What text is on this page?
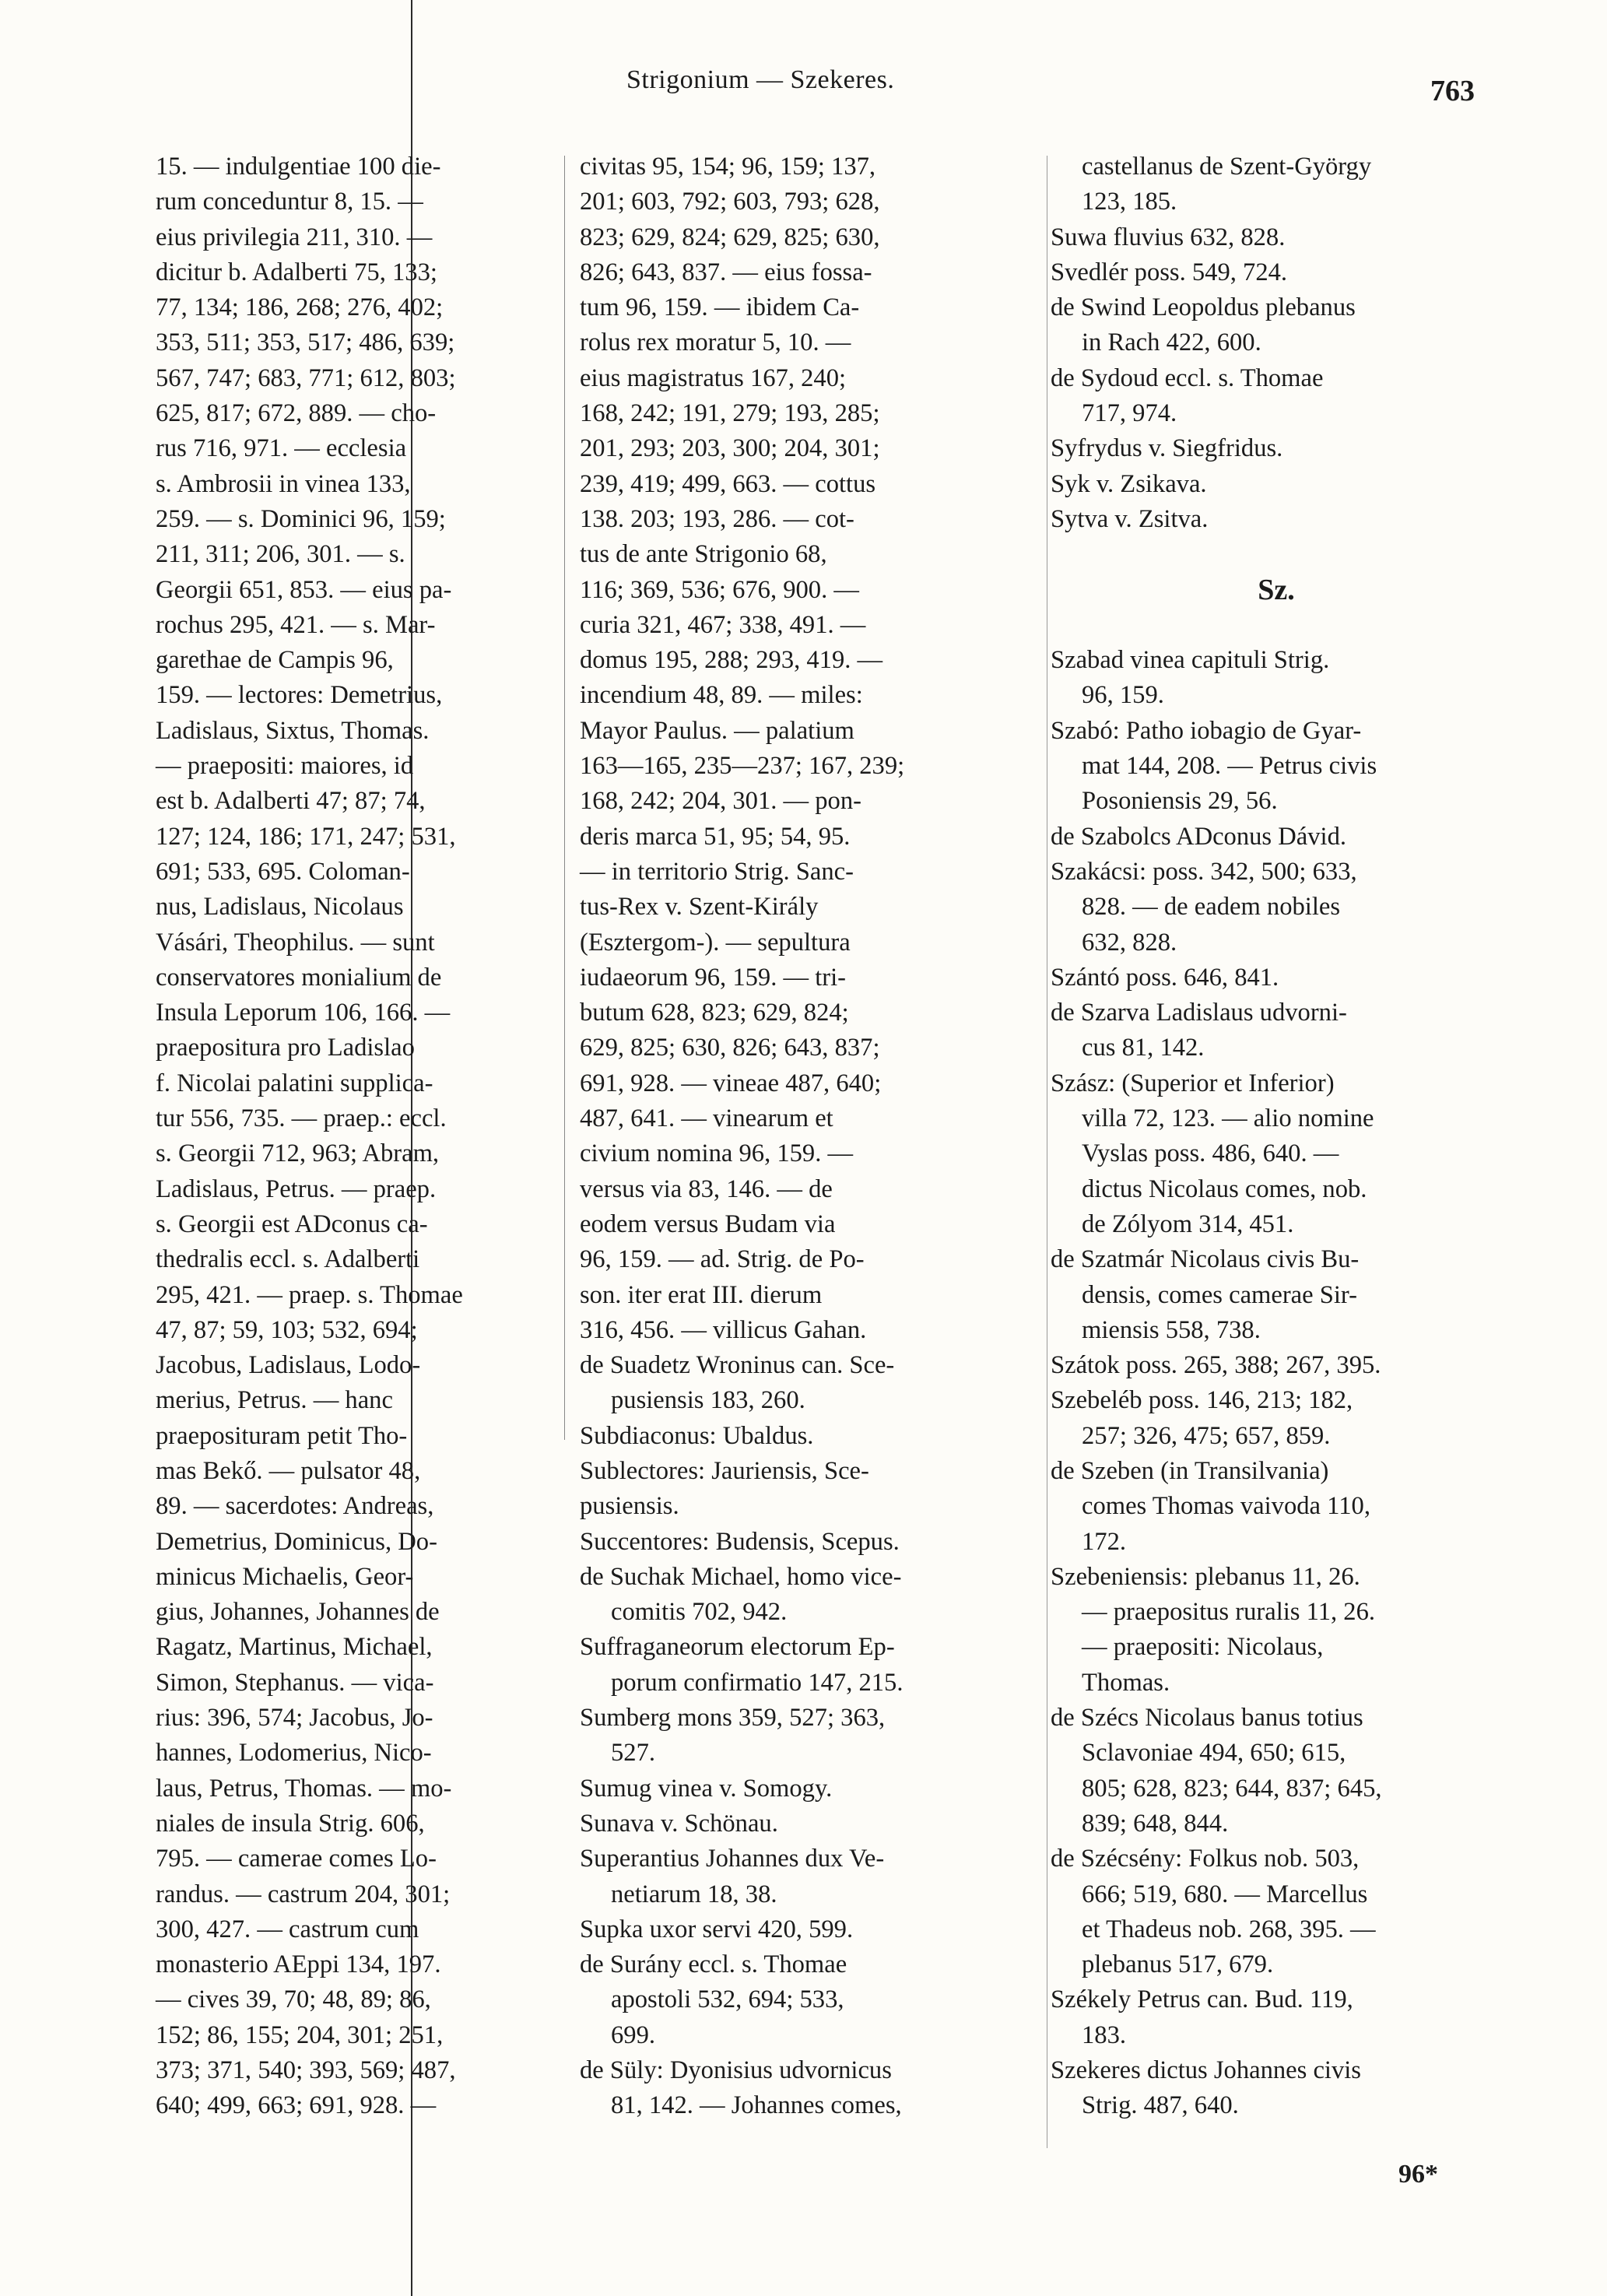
Strigonium — Szekeres.	763
15. — indulgentiae 100 die-
rum conceduntur 8, 15. —
eius privilegia 211, 310. —
dicitur b. Adalberti 75, 133;
77, 134; 186, 268; 276, 402;
353, 511; 353, 517; 486, 639;
567, 747; 683, 771; 612, 803;
625, 817; 672, 889. — cho-
rus 716, 971. — ecclesia
s. Ambrosii in vinea 133,
259. — s. Dominici 96, 159;
211, 311; 206, 301. — s.
Georgii 651, 853. — eius pa-
rochus 295, 421. — s. Mar-
garethae de Campis 96,
159. — lectores: Demetrius,
Ladislaus, Sixtus, Thomas.
— praepositi: maiores, id
est b. Adalberti 47; 87; 74,
127; 124, 186; 171, 247; 531,
691; 533, 695. Coloman-
nus, Ladislaus, Nicolaus
Vásári, Theophilus. — sunt
conservatores monialium de
Insula Leporum 106, 166. —
praepositura pro Ladislao
f. Nicolai palatini supplica-
tur 556, 735. — praep.: eccl.
s. Georgii 712, 963; Abram,
Ladislaus, Petrus. — praep.
s. Georgii est ADconus ca-
thedralis eccl. s. Adalberti
295, 421. — praep. s. Thomae
47, 87; 59, 103; 532, 694;
Jacobus, Ladislaus, Lodo-
merius, Petrus. — hanc
praeposituram petit Tho-
mas Bekő. — pulsator 48,
89. — sacerdotes: Andreas,
Demetrius, Dominicus, Do-
minicus Michaelis, Geor-
gius, Johannes, Johannes de
Ragatz, Martinus, Michael,
Simon, Stephanus. — vica-
rius: 396, 574; Jacobus, Jo-
hannes, Lodomerius, Nico-
laus, Petrus, Thomas. — mo-
niales de insula Strig. 606,
795. — camerae comes Lo-
randus. — castrum 204, 301;
300, 427. — castrum cum
monasterio AEppi 134, 197.
— cives 39, 70; 48, 89; 86,
152; 86, 155; 204, 301; 251,
373; 371, 540; 393, 569; 487,
640; 499, 663; 691, 928. —
civitas 95, 154; 96, 159; 137,
201; 603, 792; 603, 793; 628,
823; 629, 824; 629, 825; 630,
826; 643, 837. — eius fossa-
tum 96, 159. — ibidem Ca-
rolus rex moratur 5, 10. —
eius magistratus 167, 240;
168, 242; 191, 279; 193, 285;
201, 293; 203, 300; 204, 301;
239, 419; 499, 663. — cottus
138. 203; 193, 286. — cot-
tus de ante Strigonio 68,
116; 369, 536; 676, 900. —
curia 321, 467; 338, 491. —
domus 195, 288; 293, 419. —
incendium 48, 89. — miles:
Mayor Paulus. — palatium
163—165, 235—237; 167, 239;
168, 242; 204, 301. — pon-
deris marca 51, 95; 54, 95.
— in territorio Strig. Sanc-
tus-Rex v. Szent-Király
(Esztergom-). — sepultura
iudaeorum 96, 159. — tri-
butum 628, 823; 629, 824;
629, 825; 630, 826; 643, 837;
691, 928. — vineae 487, 640;
487, 641. — vinearum et
civium nomina 96, 159. —
versus via 83, 146. — de
eodem versus Budam via
96, 159. — ad. Strig. de Po-
son. iter erat III. dierum
316, 456. — villicus Gahan.
de Suadetz Wroninus can. Sce-
pusiensis 183, 260.
Subdiaconus: Ubaldus.
Sublectores: Jauriensis, Sce-
pusiensis.
Succentores: Budensis, Scepus.
de Suchak Michael, homo vice-
comitis 702, 942.
Suffraganeorum electorum Ep-
porum confirmatio 147, 215.
Sumberg mons 359, 527; 363,
527.
Sumug vinea v. Somogy.
Sunava v. Schönau.
Superantius Johannes dux Ve-
netiarum 18, 38.
Supka uxor servi 420, 599.
de Surány eccl. s. Thomae
apostoli 532, 694; 533,
699.
de Süly: Dyonisius udvornicus
81, 142. — Johannes comes,
castellanus de Szent-György
123, 185.
Suwa fluvius 632, 828.
Svedlér poss. 549, 724.
de Swind Leopoldus plebanus
in Rach 422, 600.
de Sydoud eccl. s. Thomae
717, 974.
Syfrydus v. Siegfridus.
Syk v. Zsikava.
Sytva v. Zsitva.

Sz.

Szabad vinea capituli Strig.
96, 159.
Szabó: Patho iobagio de Gyar-
mat 144, 208. — Petrus civis
Posoniensis 29, 56.
de Szabolcs ADconus Dávid.
Szakácsi: poss. 342, 500; 633,
828. — de eadem nobiles
632, 828.
Szántó poss. 646, 841.
de Szarva Ladislaus udvorni-
cus 81, 142.
Szász: (Superior et Inferior)
villa 72, 123. — alio nomine
Vyslas poss. 486, 640. —
dictus Nicolaus comes, nob.
de Zólyom 314, 451.
de Szatmár Nicolaus civis Bu-
densis, comes camerae Sir-
miensis 558, 738.
Szátok poss. 265, 388; 267, 395.
Szebeléb poss. 146, 213; 182,
257; 326, 475; 657, 859.
de Szeben (in Transilvania)
comes Thomas vaivoda 110,
172.
Szebeniensis: plebanus 11, 26.
— praepositus ruralis 11, 26.
— praepositi: Nicolaus,
Thomas.
de Szécs Nicolaus banus totius
Sclavoniae 494, 650; 615,
805; 628, 823; 644, 837; 645,
839; 648, 844.
de Szécsény: Folkus nob. 503,
666; 519, 680. — Marcellus
et Thadeus nob. 268, 395. —
plebanus 517, 679.
Székely Petrus can. Bud. 119,
183.
Szekeres dictus Johannes civis
Strig. 487, 640.
96*
